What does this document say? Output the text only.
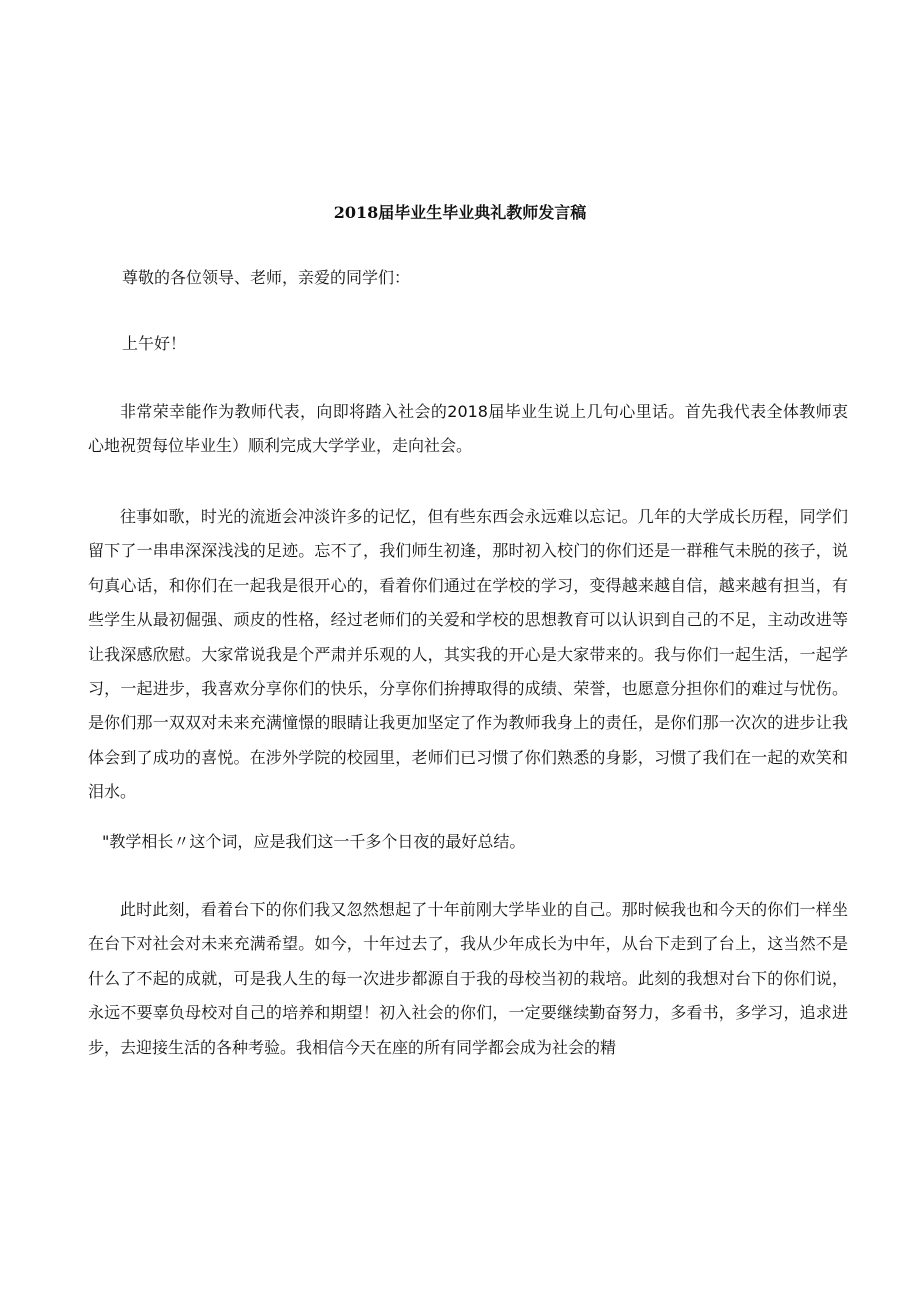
2018届毕业生毕业典礼教师发言稿
尊敬的各位领导、老师，亲爱的同学们：
上午好！
非常荣幸能作为教师代表，向即将踏入社会的2018届毕业生说上几句心里话。首先我代表全体教师衷心地祝贺每位毕业生）顺利完成大学学业，走向社会。
往事如歌，时光的流逝会冲淡许多的记忆，但有些东西会永远难以忘记。几年的大学成长历程，同学们留下了一串串深深浅浅的足迹。忘不了，我们师生初逢，那时初入校门的你们还是一群稚气未脱的孩子，说句真心话，和你们在一起我是很开心的，看着你们通过在学校的学习，变得越来越自信，越来越有担当，有些学生从最初倔强、顽皮的性格，经过老师们的关爱和学校的思想教育可以认识到自己的不足，主动改进等让我深感欣慰。大家常说我是个严肃并乐观的人，其实我的开心是大家带来的。我与你们一起生活，一起学习，一起进步，我喜欢分享你们的快乐，分享你们拚搏取得的成绩、荣誉，也愿意分担你们的难过与忧伤。是你们那一双双对未来充满憧憬的眼睛让我更加坚定了作为教师我身上的责任，是你们那一次次的进步让我体会到了成功的喜悦。在涉外学院的校园里，老师们已习惯了你们熟悉的身影，习惯了我们在一起的欢笑和泪水。
"教学相长〃这个词，应是我们这一千多个日夜的最好总结。
此时此刻，看着台下的你们我又忽然想起了十年前刚大学毕业的自己。那时候我也和今天的你们一样坐在台下对社会对未来充满希望。如今，十年过去了，我从少年成长为中年，从台下走到了台上，这当然不是什么了不起的成就，可是我人生的每一次进步都源自于我的母校当初的栽培。此刻的我想对台下的你们说，永远不要辜负母校对自己的培养和期望！初入社会的你们，一定要继续勤奋努力，多看书，多学习，追求进步，去迎接生活的各种考验。我相信今天在座的所有同学都会成为社会的精
